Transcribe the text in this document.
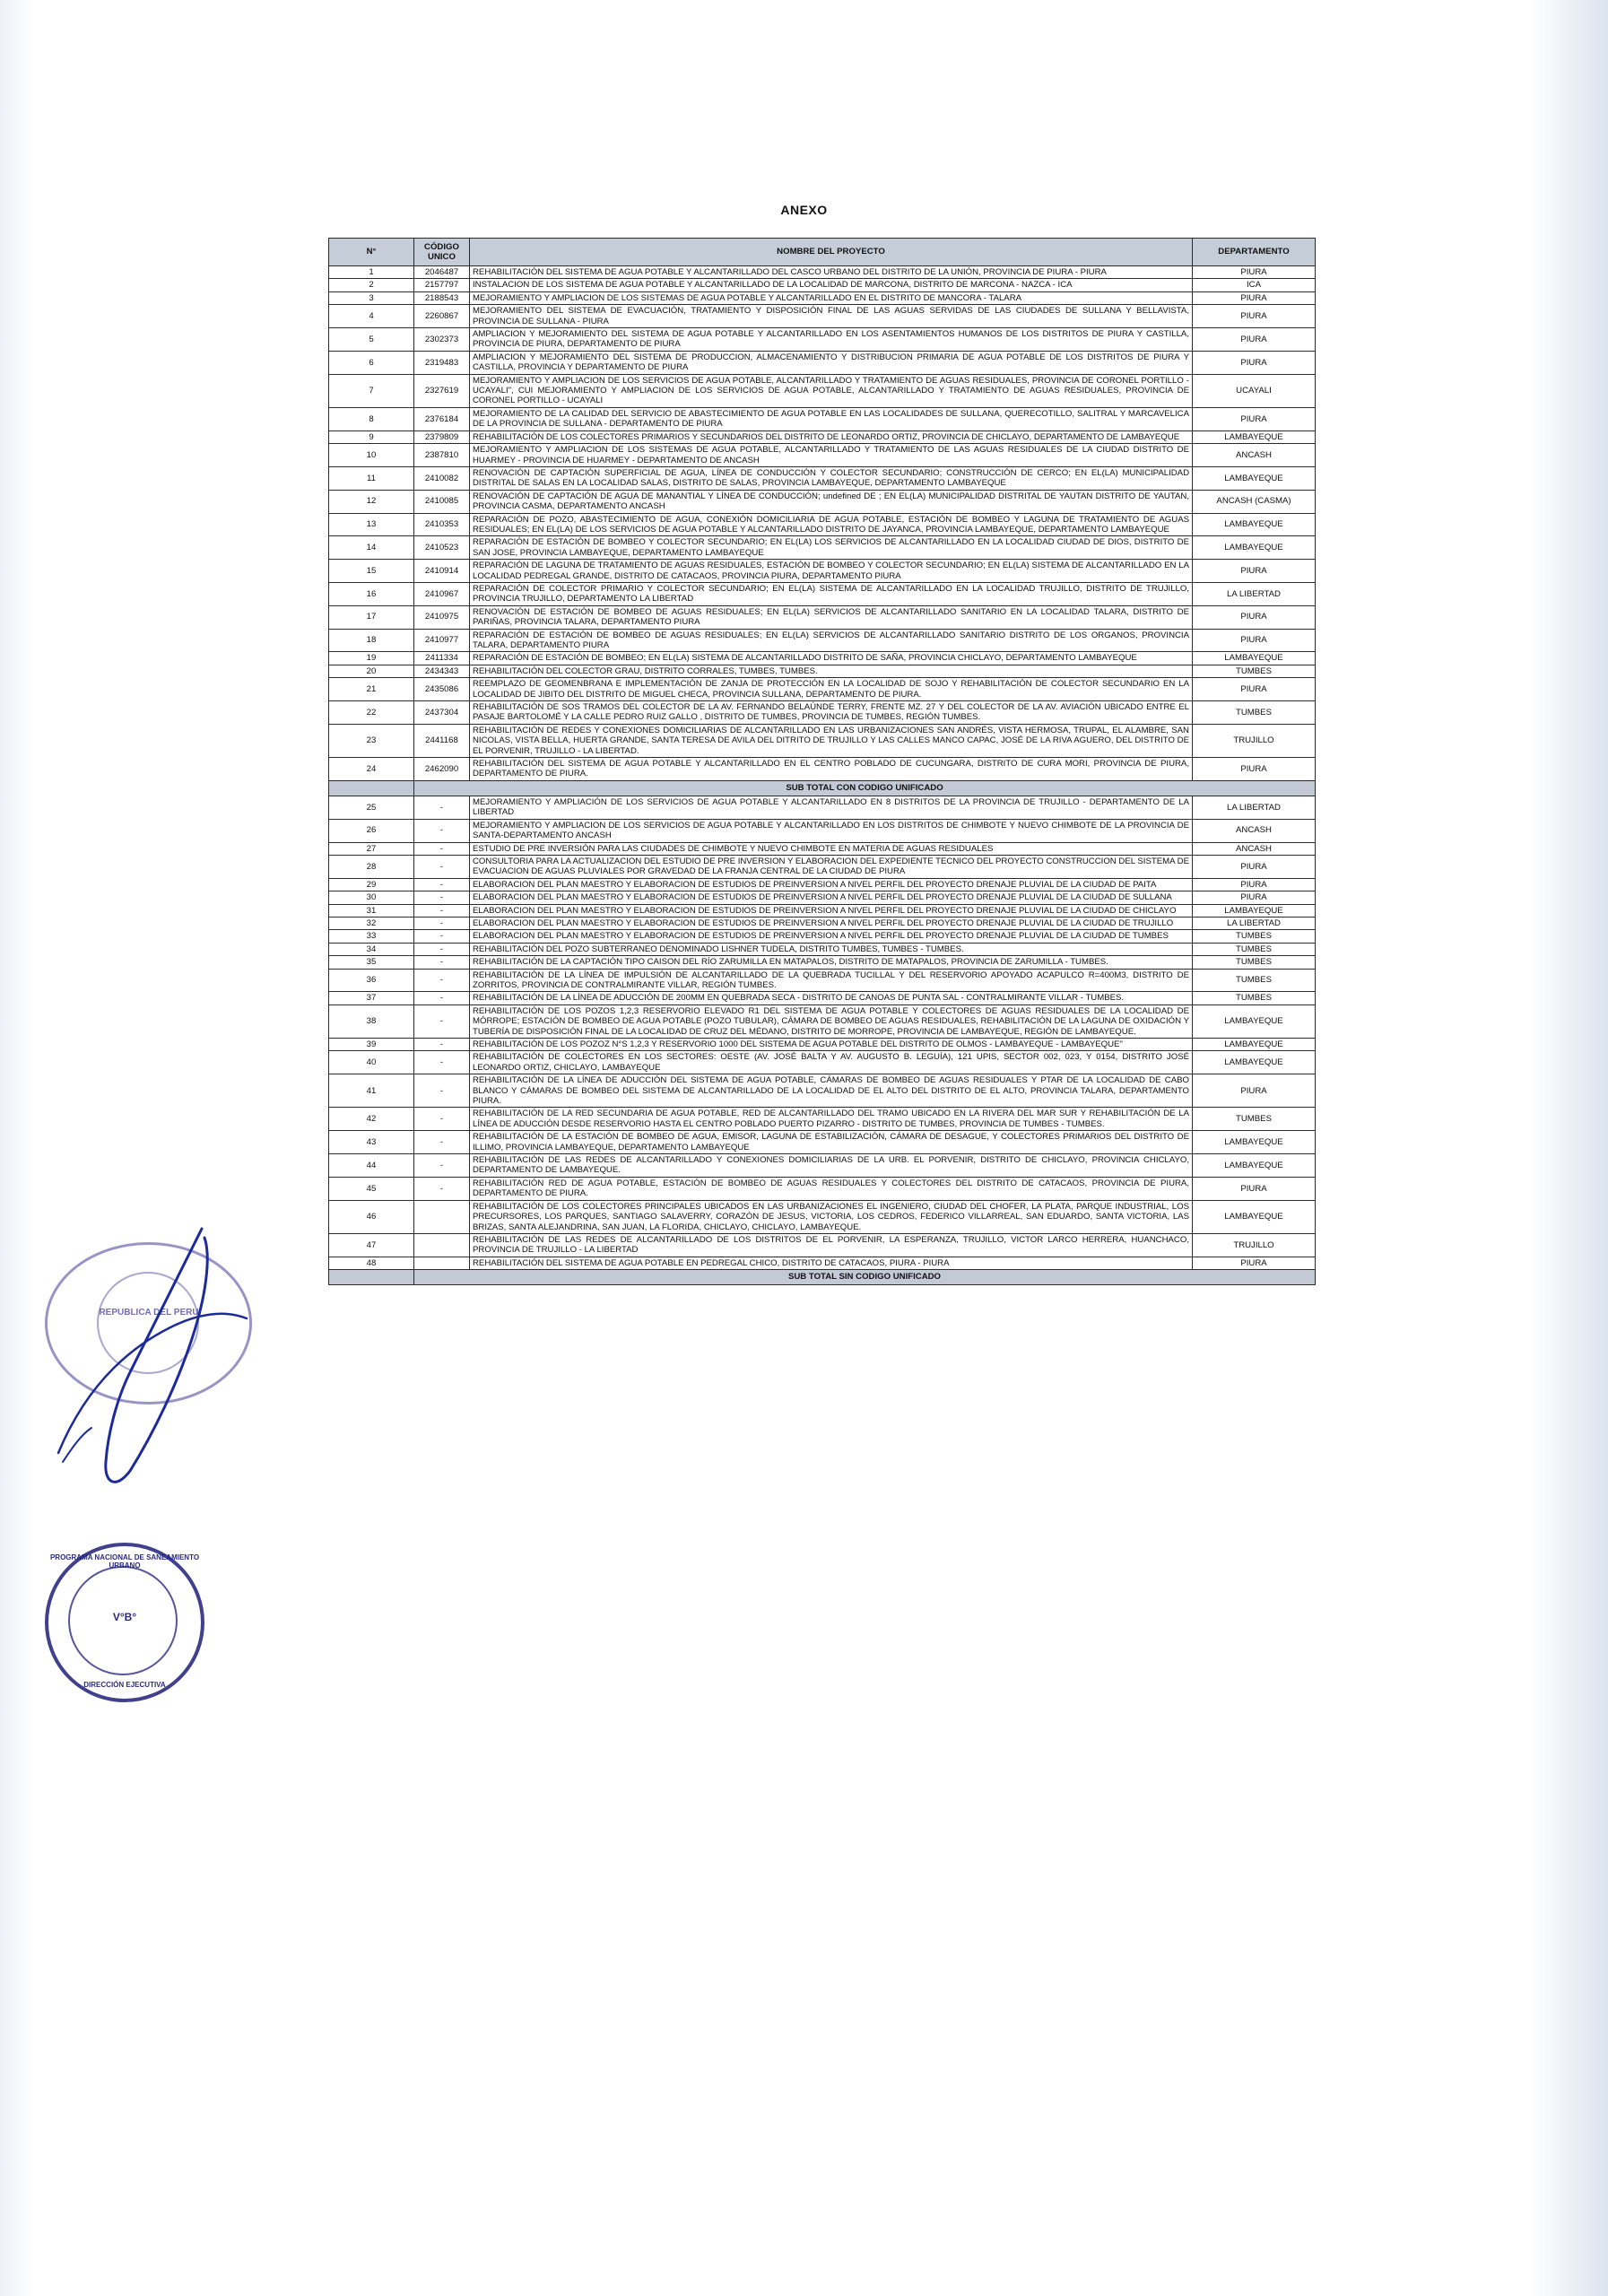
ANEXO
N°	CÓDIGO UNICO	NOMBRE DEL PROYECTO	DEPARTAMENTO
1	2046487	REHABILITACIÓN DEL SISTEMA DE AGUA POTABLE Y ALCANTARILLADO DEL CASCO URBANO DEL DISTRITO DE LA UNIÓN, PROVINCIA DE PIURA - PIURA	PIURA
2	2157797	INSTALACION DE LOS SISTEMA DE AGUA POTABLE Y ALCANTARILLADO DE LA LOCALIDAD DE MARCONA, DISTRITO DE MARCONA - NAZCA - ICA	ICA
3	2188543	MEJORAMIENTO Y AMPLIACION DE LOS SISTEMAS DE AGUA POTABLE Y ALCANTARILLADO EN EL DISTRITO DE MANCORA - TALARA	PIURA
4	2260867	MEJORAMIENTO DEL SISTEMA DE EVACUACIÓN, TRATAMIENTO Y DISPOSICIÓN FINAL DE LAS AGUAS SERVIDAS DE LAS CIUDADES DE SULLANA Y BELLAVISTA, PROVINCIA DE SULLANA - PIURA	PIURA
5	2302373	AMPLIACION Y MEJORAMIENTO DEL SISTEMA DE AGUA POTABLE Y ALCANTARILLADO EN LOS ASENTAMIENTOS HUMANOS DE LOS DISTRITOS DE PIURA Y CASTILLA, PROVINCIA DE PIURA, DEPARTAMENTO DE PIURA	PIURA
6	2319483	AMPLIACION Y MEJORAMIENTO DEL SISTEMA DE PRODUCCION, ALMACENAMIENTO Y DISTRIBUCION PRIMARIA DE AGUA POTABLE DE LOS DISTRITOS DE PIURA Y CASTILLA, PROVINCIA Y DEPARTAMENTO DE PIURA	PIURA
7	2327619	MEJORAMIENTO Y AMPLIACION DE LOS SERVICIOS DE AGUA POTABLE, ALCANTARILLADO Y TRATAMIENTO DE AGUAS RESIDUALES, PROVINCIA DE CORONEL PORTILLO - UCAYALI", CUI MEJORAMIENTO Y AMPLIACION DE LOS SERVICIOS DE AGUA POTABLE, ALCANTARILLADO Y TRATAMIENTO DE AGUAS RESIDUALES, PROVINCIA DE CORONEL PORTILLO - UCAYALI	UCAYALI
8	2376184	MEJORAMIENTO DE LA CALIDAD DEL SERVICIO DE ABASTECIMIENTO DE AGUA POTABLE EN LAS LOCALIDADES DE SULLANA, QUERECOTILLO, SALITRAL Y MARCAVELICA DE LA PROVINCIA DE SULLANA - DEPARTAMENTO DE PIURA	PIURA
9	2379809	REHABILITACIÓN DE LOS COLECTORES PRIMARIOS Y SECUNDARIOS DEL DISTRITO DE LEONARDO ORTIZ, PROVINCIA DE CHICLAYO, DEPARTAMENTO DE LAMBAYEQUE	LAMBAYEQUE
10	2387810	MEJORAMIENTO Y AMPLIACION DE LOS SISTEMAS DE AGUA POTABLE, ALCANTARILLADO Y TRATAMIENTO DE LAS AGUAS RESIDUALES DE LA CIUDAD DISTRITO DE HUARMEY - PROVINCIA DE HUARMEY - DEPARTAMENTO DE ANCASH	ANCASH
11	2410082	RENOVACIÓN DE CAPTACIÓN SUPERFICIAL DE AGUA, LÍNEA DE CONDUCCIÓN Y COLECTOR SECUNDARIO; CONSTRUCCIÓN DE CERCO; EN EL(LA) MUNICIPALIDAD DISTRITAL DE SALAS EN LA LOCALIDAD SALAS, DISTRITO DE SALAS, PROVINCIA LAMBAYEQUE, DEPARTAMENTO LAMBAYEQUE	LAMBAYEQUE
12	2410085	RENOVACIÓN DE CAPTACIÓN DE AGUA DE MANANTIAL Y LÍNEA DE CONDUCCIÓN; undefined DE ; EN EL(LA) MUNICIPALIDAD DISTRITAL DE YAUTAN DISTRITO DE YAUTAN, PROVINCIA CASMA, DEPARTAMENTO ANCASH	ANCASH (CASMA)
13	2410353	REPARACIÓN DE POZO, ABASTECIMIENTO DE AGUA, CONEXIÓN DOMICILIARIA DE AGUA POTABLE, ESTACIÓN DE BOMBEO Y LAGUNA DE TRATAMIENTO DE AGUAS RESIDUALES; EN EL(LA) DE LOS SERVICIOS DE AGUA POTABLE Y ALCANTARILLADO DISTRITO DE JAYANCA, PROVINCIA LAMBAYEQUE, DEPARTAMENTO LAMBAYEQUE	LAMBAYEQUE
14	2410523	REPARACIÓN DE ESTACIÓN DE BOMBEO Y COLECTOR SECUNDARIO; EN EL(LA) LOS SERVICIOS DE ALCANTARILLADO EN LA LOCALIDAD CIUDAD DE DIOS, DISTRITO DE SAN JOSE, PROVINCIA LAMBAYEQUE, DEPARTAMENTO LAMBAYEQUE	LAMBAYEQUE
15	2410914	REPARACIÓN DE LAGUNA DE TRATAMIENTO DE AGUAS RESIDUALES, ESTACIÓN DE BOMBEO Y COLECTOR SECUNDARIO; EN EL(LA) SISTEMA DE ALCANTARILLADO EN LA LOCALIDAD PEDREGAL GRANDE, DISTRITO DE CATACAOS, PROVINCIA PIURA, DEPARTAMENTO PIURA	PIURA
16	2410967	REPARACIÓN DE COLECTOR PRIMARIO Y COLECTOR SECUNDARIO; EN EL(LA) SISTEMA DE ALCANTARILLADO EN LA LOCALIDAD TRUJILLO, DISTRITO DE TRUJILLO, PROVINCIA TRUJILLO, DEPARTAMENTO LA LIBERTAD	LA LIBERTAD
17	2410975	RENOVACIÓN DE ESTACIÓN DE BOMBEO DE AGUAS RESIDUALES; EN EL(LA) SERVICIOS DE ALCANTARILLADO SANITARIO EN LA LOCALIDAD TALARA, DISTRITO DE PARIÑAS, PROVINCIA TALARA, DEPARTAMENTO PIURA	PIURA
18	2410977	REPARACIÓN DE ESTACIÓN DE BOMBEO DE AGUAS RESIDUALES; EN EL(LA) SERVICIOS DE ALCANTARILLADO SANITARIO DISTRITO DE LOS ORGANOS, PROVINCIA TALARA, DEPARTAMENTO PIURA	PIURA
19	2411334	REPARACIÓN DE ESTACIÓN DE BOMBEO; EN EL(LA) SISTEMA DE ALCANTARILLADO DISTRITO DE SAÑA, PROVINCIA CHICLAYO, DEPARTAMENTO LAMBAYEQUE	LAMBAYEQUE
20	2434343	REHABILITACIÓN DEL COLECTOR GRAU, DISTRITO CORRALES, TUMBES, TUMBES.	TUMBES
21	2435086	REEMPLAZO DE GEOMENBRANA E IMPLEMENTACIÓN DE ZANJA DE PROTECCIÓN EN LA LOCALIDAD DE SOJO Y REHABILITACIÓN DE COLECTOR SECUNDARIO EN LA LOCALIDAD DE JIBITO DEL DISTRITO DE MIGUEL CHECA, PROVINCIA SULLANA, DEPARTAMENTO DE PIURA.	PIURA
22	2437304	REHABILITACIÓN DE SOS TRAMOS DEL COLECTOR DE LA AV. FERNANDO BELAÚNDE TERRY, FRENTE MZ. 27 Y DEL COLECTOR DE LA AV. AVIACIÓN UBICADO ENTRE EL PASAJE BARTOLOMÉ Y LA CALLE PEDRO RUIZ GALLO , DISTRITO DE TUMBES, PROVINCIA DE TUMBES, REGIÓN TUMBES.	TUMBES
23	2441168	REHABILITACIÓN DE REDES Y CONEXIONES DOMICILIARIAS DE ALCANTARILLADO EN LAS URBANIZACIONES SAN ANDRÉS, VISTA HERMOSA, TRUPAL, EL ALAMBRE, SAN NICOLAS, VISTA BELLA, HUERTA GRANDE, SANTA TERESA DE AVILA DEL DITRITO DE TRUJILLO Y LAS CALLES MANCO CAPAC, JOSÉ DE LA RIVA AGUERO, DEL DISTRITO DE EL PORVENIR, TRUJILLO - LA LIBERTAD.	TRUJILLO
24	2462090	REHABILITACIÓN DEL SISTEMA DE AGUA POTABLE Y ALCANTARILLADO EN EL CENTRO POBLADO DE CUCUNGARA, DISTRITO DE CURA MORI, PROVINCIA DE PIURA, DEPARTAMENTO DE PIURA.	PIURA
	SUB TOTAL CON CODIGO UNIFICADO		
25	-	MEJORAMIENTO Y AMPLIACIÓN DE LOS SERVICIOS DE AGUA POTABLE Y ALCANTARILLADO EN 8 DISTRITOS DE LA PROVINCIA DE TRUJILLO - DEPARTAMENTO DE LA LIBERTAD	LA LIBERTAD
26	-	MEJORAMIENTO Y AMPLIACION DE LOS SERVICIOS DE AGUA POTABLE Y ALCANTARILLADO EN LOS DISTRITOS DE CHIMBOTE Y NUEVO CHIMBOTE DE LA PROVINCIA DE SANTA-DEPARTAMENTO ANCASH	ANCASH
27	-	ESTUDIO DE PRE INVERSIÓN PARA LAS CIUDADES DE CHIMBOTE Y NUEVO CHIMBOTE EN MATERIA DE AGUAS RESIDUALES	ANCASH
28	-	CONSULTORIA PARA LA ACTUALIZACION DEL ESTUDIO DE PRE INVERSION Y ELABORACION DEL EXPEDIENTE TECNICO DEL PROYECTO CONSTRUCCION DEL SISTEMA DE EVACUACION DE AGUAS PLUVIALES POR GRAVEDAD DE LA FRANJA CENTRAL DE LA CIUDAD DE PIURA	PIURA
29	-	ELABORACION DEL PLAN MAESTRO Y ELABORACION DE ESTUDIOS DE PREINVERSION A NIVEL PERFIL DEL PROYECTO DRENAJE PLUVIAL DE LA CIUDAD DE PAITA	PIURA
30	-	ELABORACION DEL PLAN MAESTRO Y ELABORACION DE ESTUDIOS DE PREINVERSION A NIVEL PERFIL DEL PROYECTO DRENAJE PLUVIAL DE LA CIUDAD DE SULLANA	PIURA
31	-	ELABORACION DEL PLAN MAESTRO Y ELABORACION DE ESTUDIOS DE PREINVERSION A NIVEL PERFIL DEL PROYECTO DRENAJE PLUVIAL DE LA CIUDAD DE CHICLAYO	LAMBAYEQUE
32	-	ELABORACION DEL PLAN MAESTRO Y ELABORACION DE ESTUDIOS DE PREINVERSION A NIVEL PERFIL DEL PROYECTO DRENAJE PLUVIAL DE LA CIUDAD DE TRUJILLO	LA LIBERTAD
33	-	ELABORACION DEL PLAN MAESTRO Y ELABORACION DE ESTUDIOS DE PREINVERSION A NIVEL PERFIL DEL PROYECTO DRENAJE PLUVIAL DE LA CIUDAD DE TUMBES	TUMBES
34	-	REHABILITACIÓN DEL POZO SUBTERRANEO DENOMINADO LISHNER TUDELA, DISTRITO TUMBES, TUMBES - TUMBES.	TUMBES
35	-	REHABILITACIÓN DE LA CAPTACIÓN TIPO CAISON DEL RÍO ZARUMILLA EN MATAPALOS, DISTRITO DE MATAPALOS, PROVINCIA DE ZARUMILLA - TUMBES.	TUMBES
36	-	REHABILITACIÓN DE LA LÍNEA DE IMPULSIÓN DE ALCANTARILLADO DE LA QUEBRADA TUCILLAL Y DEL RESERVORIO APOYADO ACAPULCO R=400M3, DISTRITO DE ZORRITOS, PROVINCIA DE CONTRALMIRANTE VILLAR, REGIÓN TUMBES.	TUMBES
37	-	REHABILITACIÓN DE LA LÍNEA DE ADUCCIÓN DE 200MM EN QUEBRADA SECA - DISTRITO DE CANOAS DE PUNTA SAL - CONTRALMIRANTE VILLAR - TUMBES.	TUMBES
38	-	REHABILITACIÓN DE LOS POZOS 1,2,3 RESERVORIO ELEVADO R1 DEL SISTEMA DE AGUA POTABLE Y COLECTORES DE AGUAS RESIDUALES DE LA LOCALIDAD DE MÓRROPE; ESTACIÓN DE BOMBEO DE AGUA POTABLE (POZO TUBULAR), CÁMARA DE BOMBEO DE AGUAS RESIDUALES, REHABILITACIÓN DE LA LAGUNA DE OXIDACIÓN Y TUBERÍA DE DISPOSICIÓN FINAL DE LA LOCALIDAD DE CRUZ DEL MÉDANO, DISTRITO DE MORROPE, PROVINCIA DE LAMBAYEQUE, REGIÓN DE LAMBAYEQUE.	LAMBAYEQUE
39	-	REHABILITACIÓN DE LOS POZOZ N°S 1,2,3 Y RESERVORIO 1000 DEL SISTEMA DE AGUA POTABLE DEL DISTRITO DE OLMOS - LAMBAYEQUE - LAMBAYEQUE"	LAMBAYEQUE
40	-	REHABILITACIÓN DE COLECTORES EN LOS SECTORES: OESTE (AV. JOSÉ BALTA Y AV. AUGUSTO B. LEGUÍA), 121 UPIS, SECTOR 002, 023, Y 0154, DISTRITO JOSÉ LEONARDO ORTIZ, CHICLAYO, LAMBAYEQUE	LAMBAYEQUE
41	-	REHABILITACIÓN DE LA LÍNEA DE ADUCCIÓN DEL SISTEMA DE AGUA POTABLE, CÁMARAS DE BOMBEO DE AGUAS RESIDUALES Y PTAR DE LA LOCALIDAD DE CABO BLANCO Y CÁMARAS DE BOMBEO DEL SISTEMA DE ALCANTARILLADO DE LA LOCALIDAD DE EL ALTO DEL DISTRITO DE EL ALTO, PROVINCIA TALARA, DEPARTAMENTO PIURA.	PIURA
42	-	REHABILITACIÓN DE LA RED SECUNDARIA DE AGUA POTABLE, RED DE ALCANTARILLADO DEL TRAMO UBICADO EN LA RIVERA DEL MAR SUR Y REHABILITACIÓN DE LA LÍNEA DE ADUCCIÓN DESDE RESERVORIO HASTA EL CENTRO POBLADO PUERTO PIZARRO - DISTRITO DE TUMBES, PROVINCIA DE TUMBES - TUMBES.	TUMBES
43	-	REHABILITACIÓN DE LA ESTACIÓN DE BOMBEO DE AGUA, EMISOR, LAGUNA DE ESTABILIZACIÓN, CÁMARA DE DESAGUE, Y COLECTORES PRIMARIOS DEL DISTRITO DE ILLIMO, PROVINCIA LAMBAYEQUE, DEPARTAMENTO LAMBAYEQUE	LAMBAYEQUE
44	-	REHABILITACIÓN DE LAS REDES DE ALCANTARILLADO Y CONEXIONES DOMICILIARIAS DE LA URB. EL PORVENIR, DISTRITO DE CHICLAYO, PROVINCIA CHICLAYO, DEPARTAMENTO DE LAMBAYEQUE.	LAMBAYEQUE
45	-	REHABILITACIÓN RED DE AGUA POTABLE, ESTACIÓN DE BOMBEO DE AGUAS RESIDUALES Y COLECTORES DEL DISTRITO DE CATACAOS, PROVINCIA DE PIURA, DEPARTAMENTO DE PIURA.	PIURA
46		REHABILITACIÓN DE LOS COLECTORES PRINCIPALES UBICADOS EN LAS URBANIZACIONES EL INGENIERO, CIUDAD DEL CHOFER, LA PLATA, PARQUE INDUSTRIAL, LOS PRECURSORES, LOS PARQUES, SANTIAGO SALAVERRY, CORAZÓN DE JESUS, VICTORIA, LOS CEDROS, FEDERICO VILLARREAL, SAN EDUARDO, SANTA VICTORIA, LAS BRIZAS, SANTA ALEJANDRINA, SAN JUAN, LA FLORIDA, CHICLAYO, CHICLAYO, LAMBAYEQUE.	LAMBAYEQUE
47		REHABILITACIÓN DE LAS REDES DE ALCANTARILLADO DE LOS DISTRITOS DE EL PORVENIR, LA ESPERANZA, TRUJILLO, VICTOR LARCO HERRERA, HUANCHACO, PROVINCIA DE TRUJILLO - LA LIBERTAD	TRUJILLO
48		REHABILITACIÓN DEL SISTEMA DE AGUA POTABLE EN PEDREGAL CHICO, DISTRITO DE CATACAOS, PIURA - PIURA	PIURA
	SUB TOTAL SIN CODIGO UNIFICADO		
REPUBLICA DEL PERU
PROGRAMA NACIONAL DE SANEAMIENTO URBANO
V°B°
DIRECCIÓN EJECUTIVA
